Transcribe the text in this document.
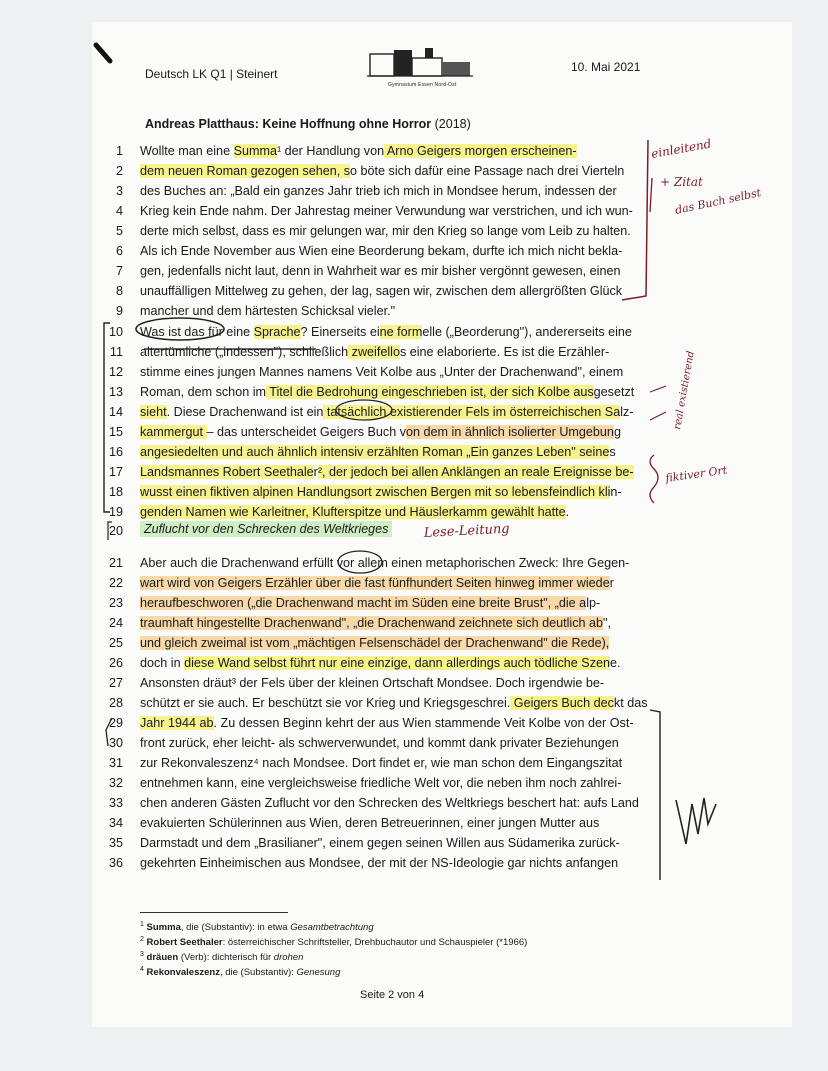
Deutsch LK Q1 | Steinert	10. Mai 2021
Gymnasium Essen Nord-Ost
Andreas Platthaus: Keine Hoffnung ohne Horror (2018)
1 Wollte man eine Summa¹ der Handlung von Arno Geigers morgen erscheinen-
2 dem neuen Roman gezogen sehen, so böte sich dafür eine Passage nach drei Vierteln
3 des Buches an: „Bald ein ganzes Jahr trieb ich mich in Mondsee herum, indessen der
4 Krieg kein Ende nahm. Der Jahrestag meiner Verwundung war verstrichen, und ich wun-
5 derte mich selbst, dass es mir gelungen war, mir den Krieg so lange vom Leib zu halten.
6 Als ich Ende November aus Wien eine Beorderung bekam, durfte ich mich nicht bekla-
7 gen, jedenfalls nicht laut, denn in Wahrheit war es mir bisher vergönnt gewesen, einen
8 unauffälligen Mittelweg zu gehen, der lag, sagen wir, zwischen dem allergrößten Glück
9 mancher und dem härtesten Schicksal vieler."
10 Was ist das für eine Sprache? Einerseits eine formelle („Beorderung"), andererseits eine
11 altertümliche („indessen"), schließlich zweifellos eine elaborierte. Es ist die Erzähler-
12 stimme eines jungen Mannes namens Veit Kolbe aus „Unter der Drachenwand", einem
13 Roman, dem schon im Titel die Bedrohung eingeschrieben ist, der sich Kolbe ausgesetzt
14 sieht. Diese Drachenwand ist ein tatsächlich existierender Fels im österreichischen Salz-
15 kammergut – das unterscheidet Geigers Buch von dem in ähnlich isolierter Umgebung
16 angesiedelten und auch ähnlich intensiv erzählten Roman „Ein ganzes Leben" seines
17 Landsmannes Robert Seethaler², der jedoch bei allen Anklängen an reale Ereignisse be-
18 wusst einen fiktiven alpinen Handlungsort zwischen Bergen mit so lebensfeindlich klin-
19 genden Namen wie Karleitner, Klufterspitze und Häuslerkamm gewählt hatte.
20	Zuflucht vor den Schrecken des Weltkrieges
21 Aber auch die Drachenwand erfüllt vor allem einen metaphorischen Zweck: Ihre Gegen-
22 wart wird von Geigers Erzähler über die fast fünfhundert Seiten hinweg immer wieder
23 heraufbeschworen („die Drachenwand macht im Süden eine breite Brust", „die alp-
24 traumhaft hingestellte Drachenwand", „die Drachenwand zeichnete sich deutlich ab",
25 und gleich zweimal ist vom „mächtigen Felsenschädel der Drachenwand" die Rede),
26 doch in diese Wand selbst führt nur eine einzige, dann allerdings auch tödliche Szene.
27 Ansonsten dräut³ der Fels über der kleinen Ortschaft Mondsee. Doch irgendwie be-
28 schützt er sie auch. Er beschützt sie vor Krieg und Kriegsgeschrei. Geigers Buch deckt das
29 Jahr 1944 ab. Zu dessen Beginn kehrt der aus Wien stammende Veit Kolbe von der Ost-
30 front zurück, eher leicht- als schwerverwundet, und kommt dank privater Beziehungen
31 zur Rekonvaleszenz⁴ nach Mondsee. Dort findet er, wie man schon dem Eingangszitat
32 entnehmen kann, eine vergleichsweise friedliche Welt vor, die neben ihm noch zahlrei-
33 chen anderen Gästen Zuflucht vor den Schrecken des Weltkriegs beschert hat: aufs Land
34 evakuierten Schülerinnen aus Wien, deren Betreuerinnen, einer jungen Mutter aus
35 Darmstadt und dem „Brasilianer", einem gegen seinen Willen aus Südamerika zurück-
36 gekehrten Einheimischen aus Mondsee, der mit der NS-Ideologie gar nichts anfangen
$^1$ Summa, die (Substantiv): in etwa Gesamtbetrachtung
$^2$ Robert Seethaler: österreichischer Schriftsteller, Drehbuchautor und Schauspieler (*1966)
$^3$ dräuen (Verb): dichterisch für drohen
$^4$ Rekonvaleszenz, die (Substantiv): Genesung
Seite 2 von 4
einleitend
+ Zitat
das Buch selbst
real existierend
fiktiver Ort
Lese-Leitung
